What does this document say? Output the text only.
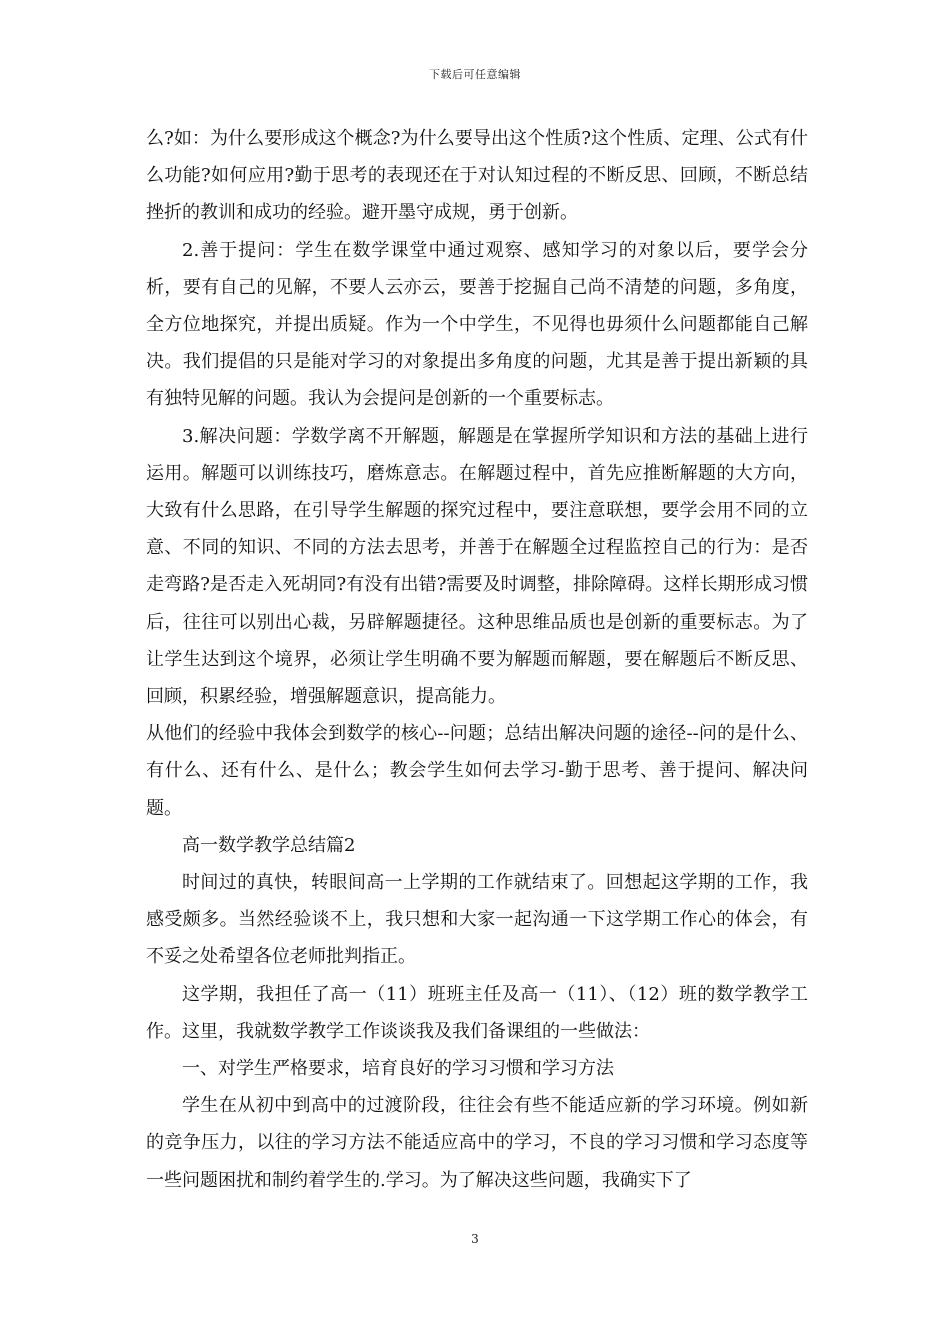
下载后可任意编辑

么?如：为什么要形成这个概念?为什么要导出这个性质?这个性质、定理、公式有什么功能?如何应用?勤于思考的表现还在于对认知过程的不断反思、回顾，不断总结挫折的教训和成功的经验。避开墨守成规，勇于创新。

2.善于提问：学生在数学课堂中通过观察、感知学习的对象以后，要学会分析，要有自己的见解，不要人云亦云，要善于挖掘自己尚不清楚的问题，多角度，全方位地探究，并提出质疑。作为一个中学生，不见得也毋须什么问题都能自己解决。我们提倡的只是能对学习的对象提出多角度的问题，尤其是善于提出新颖的具有独特见解的问题。我认为会提问是创新的一个重要标志。

3.解决问题：学数学离不开解题，解题是在掌握所学知识和方法的基础上进行运用。解题可以训练技巧，磨炼意志。在解题过程中，首先应推断解题的大方向，大致有什么思路，在引导学生解题的探究过程中，要注意联想，要学会用不同的立意、不同的知识、不同的方法去思考，并善于在解题全过程监控自己的行为：是否走弯路?是否走入死胡同?有没有出错?需要及时调整，排除障碍。这样长期形成习惯后，往往可以别出心裁，另辟解题捷径。这种思维品质也是创新的重要标志。为了让学生达到这个境界，必须让学生明确不要为解题而解题，要在解题后不断反思、回顾，积累经验，增强解题意识，提高能力。

从他们的经验中我体会到数学的核心--问题；总结出解决问题的途径--问的是什么、有什么、还有什么、是什么；教会学生如何去学习-勤于思考、善于提问、解决问题。

高一数学教学总结篇2

时间过的真快，转眼间高一上学期的工作就结束了。回想起这学期的工作，我感受颇多。当然经验谈不上，我只想和大家一起沟通一下这学期工作心的体会，有不妥之处希望各位老师批判指正。

这学期，我担任了高一（11）班班主任及高一（11）、（12）班的数学教学工作。这里，我就数学教学工作谈谈我及我们备课组的一些做法：

一、对学生严格要求，培育良好的学习习惯和学习方法

学生在从初中到高中的过渡阶段，往往会有些不能适应新的学习环境。例如新的竞争压力，以往的学习方法不能适应高中的学习，不良的学习习惯和学习态度等一些问题困扰和制约着学生的.学习。为了解决这些问题，我确实下了

3
